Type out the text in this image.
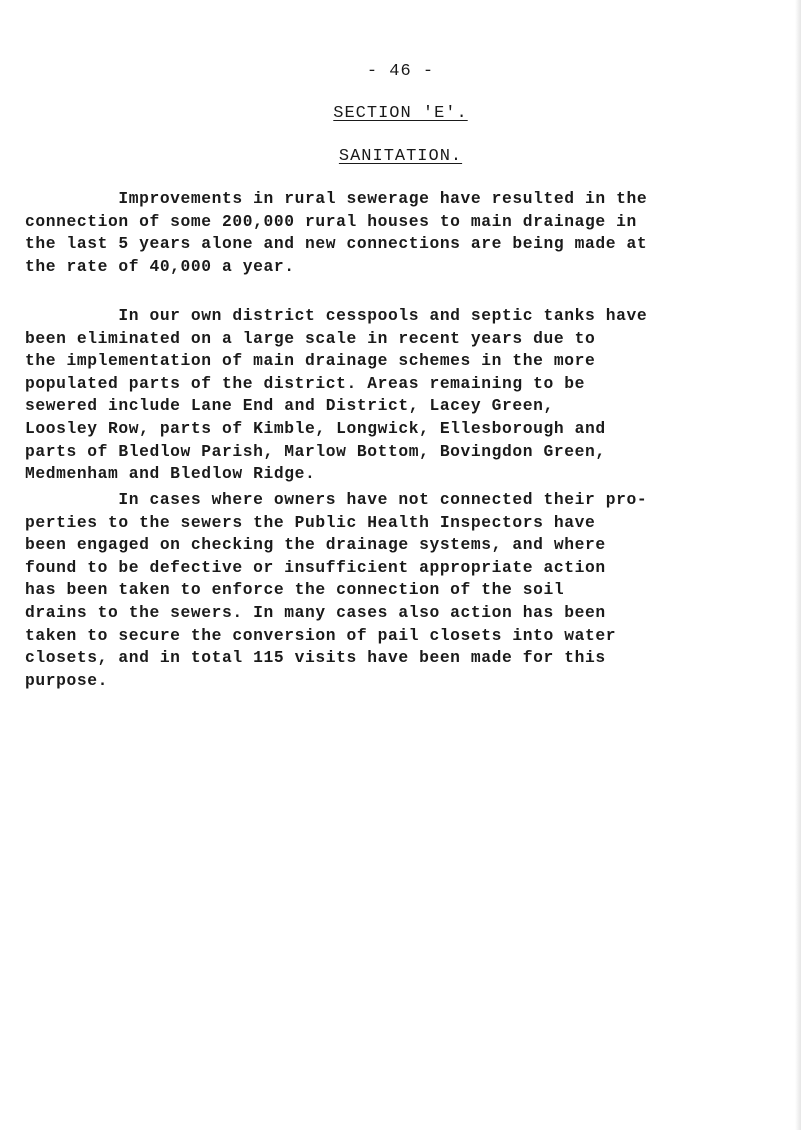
- 46 -
SECTION 'E'.
SANITATION.

Improvements in rural sewerage have resulted in the
connection of some 200,000 rural houses to main drainage in
the last 5 years alone and new connections are being made at
the rate of 40,000 a year.

In our own district cesspools and septic tanks have
been eliminated on a large scale in recent years due to
the implementation of main drainage schemes in the more
populated parts of the district. Areas remaining to be
sewered include Lane End and District, Lacey Green,
Loosley Row, parts of Kimble, Longwick, Ellesborough and
parts of Bledlow Parish, Marlow Bottom, Bovingdon Green,
Medmenham and Bledlow Ridge.

In cases where owners have not connected their pro-
perties to the sewers the Public Health Inspectors have
been engaged on checking the drainage systems, and where
found to be defective or insufficient appropriate action
has been taken to enforce the connection of the soil
drains to the sewers. In many cases also action has been
taken to secure the conversion of pail closets into water
closets, and in total 115 visits have been made for this
purpose.
